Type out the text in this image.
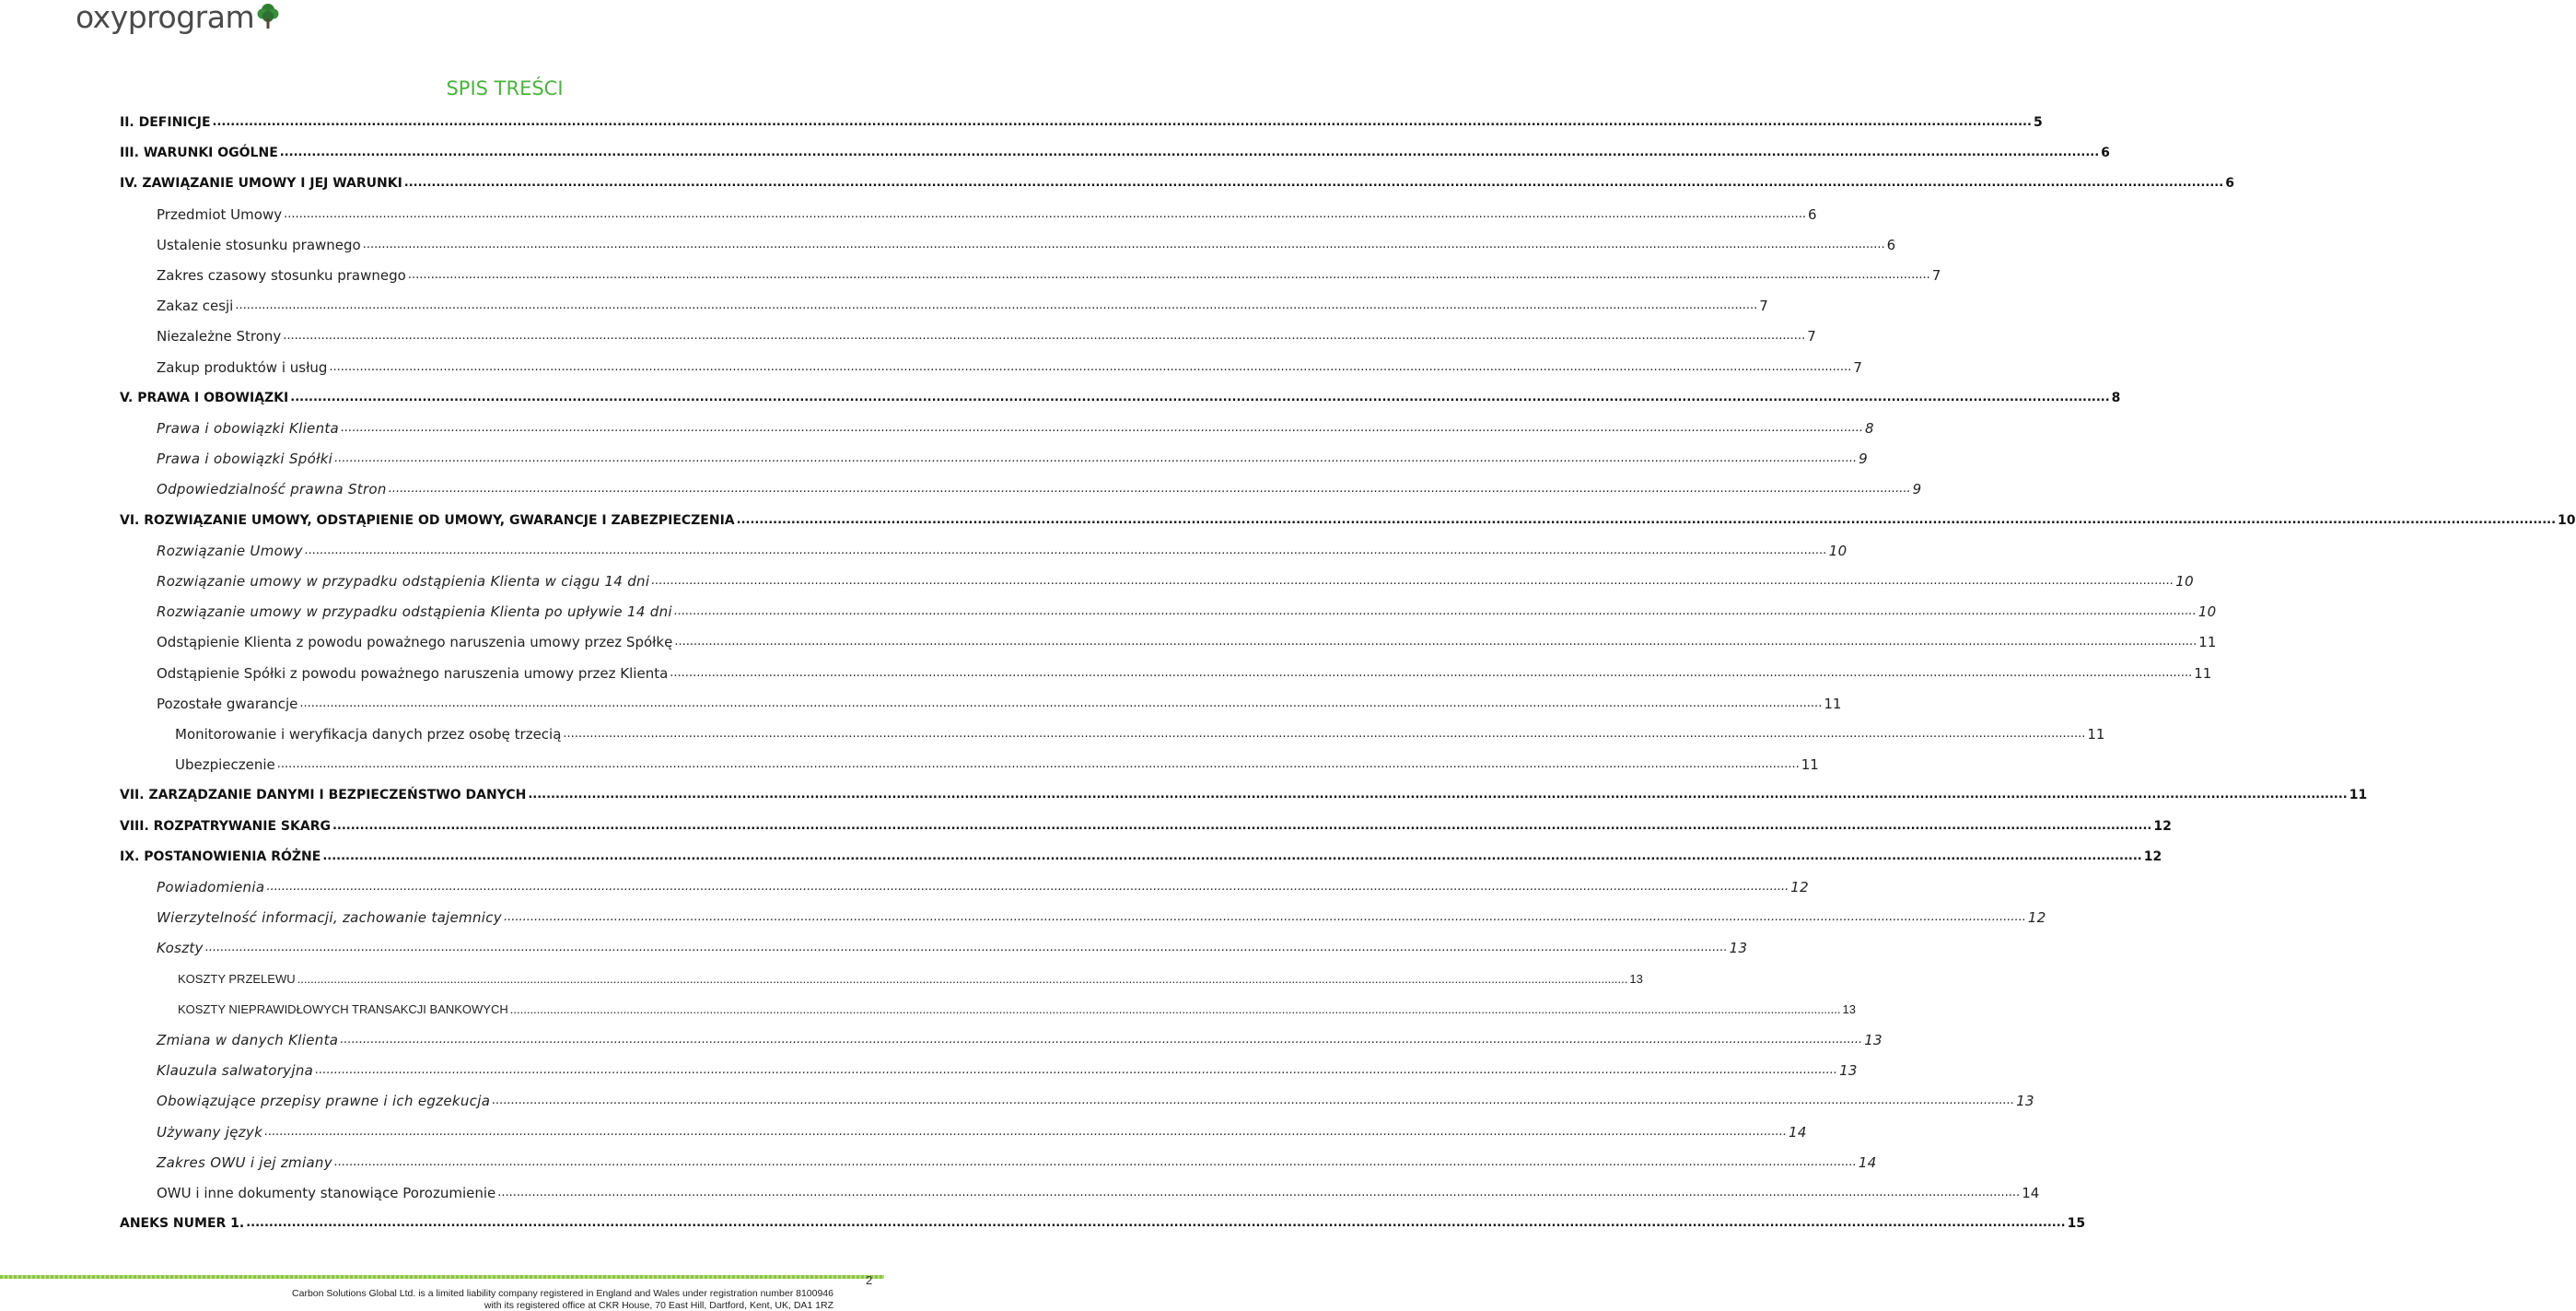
oxyprogram
SPIS TREŚCI
II. DEFINICJE ................................................................................................................................................................................................................................................................................................................................................................................................................ 5
III. WARUNKI OGÓLNE ................................................................................................................................................................................................................................................................................................................................................................................................................ 6
IV. ZAWIĄZANIE UMOWY I JEJ WARUNKI ................................................................................................................................................................................................................................................................................................................................................................................................................ 6
Przedmiot Umowy ................................................................................................................................................................................................................................................................................................................................................................................................................ 6
Ustalenie stosunku prawnego ................................................................................................................................................................................................................................................................................................................................................................................................................ 6
Zakres czasowy stosunku prawnego ................................................................................................................................................................................................................................................................................................................................................................................................................ 7
Zakaz cesji ................................................................................................................................................................................................................................................................................................................................................................................................................ 7
Niezależne Strony ................................................................................................................................................................................................................................................................................................................................................................................................................ 7
Zakup produktów i usług ................................................................................................................................................................................................................................................................................................................................................................................................................ 7
V. PRAWA I OBOWIĄZKI ................................................................................................................................................................................................................................................................................................................................................................................................................ 8
Prawa i obowiązki Klienta ................................................................................................................................................................................................................................................................................................................................................................................................................ 8
Prawa i obowiązki Spółki ................................................................................................................................................................................................................................................................................................................................................................................................................ 9
Odpowiedzialność prawna Stron ................................................................................................................................................................................................................................................................................................................................................................................................................ 9
VI. ROZWIĄZANIE UMOWY, ODSTĄPIENIE OD UMOWY, GWARANCJE I ZABEZPIECZENIA ................................................................................................................................................................................................................................................................................................................................................................................................................ 10
Rozwiązanie Umowy ................................................................................................................................................................................................................................................................................................................................................................................................................ 10
Rozwiązanie umowy w przypadku odstąpienia Klienta w ciągu 14 dni ................................................................................................................................................................................................................................................................................................................................................................................................................ 10
Rozwiązanie umowy w przypadku odstąpienia Klienta po upływie 14 dni ................................................................................................................................................................................................................................................................................................................................................................................................................ 10
Odstąpienie Klienta z powodu poważnego naruszenia umowy przez Spółkę ................................................................................................................................................................................................................................................................................................................................................................................................................ 11
Odstąpienie Spółki z powodu poważnego naruszenia umowy przez Klienta ................................................................................................................................................................................................................................................................................................................................................................................................................ 11
Pozostałe gwarancje ................................................................................................................................................................................................................................................................................................................................................................................................................ 11
Monitorowanie i weryfikacja danych przez osobę trzecią ................................................................................................................................................................................................................................................................................................................................................................................................................ 11
Ubezpieczenie ................................................................................................................................................................................................................................................................................................................................................................................................................ 11
VII. ZARZĄDZANIE DANYMI I BEZPIECZEŃSTWO DANYCH ................................................................................................................................................................................................................................................................................................................................................................................................................ 11
VIII. ROZPATRYWANIE SKARG ................................................................................................................................................................................................................................................................................................................................................................................................................ 12
IX. POSTANOWIENIA RÓŻNE ................................................................................................................................................................................................................................................................................................................................................................................................................ 12
Powiadomienia ................................................................................................................................................................................................................................................................................................................................................................................................................ 12
Wierzytelność informacji, zachowanie tajemnicy ................................................................................................................................................................................................................................................................................................................................................................................................................ 12
Koszty ................................................................................................................................................................................................................................................................................................................................................................................................................ 13
KOSZTY PRZELEWU ................................................................................................................................................................................................................................................................................................................................................................................................................ 13
KOSZTY NIEPRAWIDŁOWYCH TRANSAKCJI BANKOWYCH ................................................................................................................................................................................................................................................................................................................................................................................................................ 13
Zmiana w danych Klienta ................................................................................................................................................................................................................................................................................................................................................................................................................ 13
Klauzula salwatoryjna ................................................................................................................................................................................................................................................................................................................................................................................................................ 13
Obowiązujące przepisy prawne i ich egzekucja ................................................................................................................................................................................................................................................................................................................................................................................................................ 13
Używany język ................................................................................................................................................................................................................................................................................................................................................................................................................ 14
Zakres OWU i jej zmiany ................................................................................................................................................................................................................................................................................................................................................................................................................ 14
OWU i inne dokumenty stanowiące Porozumienie ................................................................................................................................................................................................................................................................................................................................................................................................................ 14
ANEKS NUMER 1. ................................................................................................................................................................................................................................................................................................................................................................................................................ 15
2
Carbon Solutions Global Ltd. is a limited liability company registered in England and Wales under registration number 8100946
with its registered office at CKR House, 70 East Hill, Dartford, Kent, UK, DA1 1RZ
